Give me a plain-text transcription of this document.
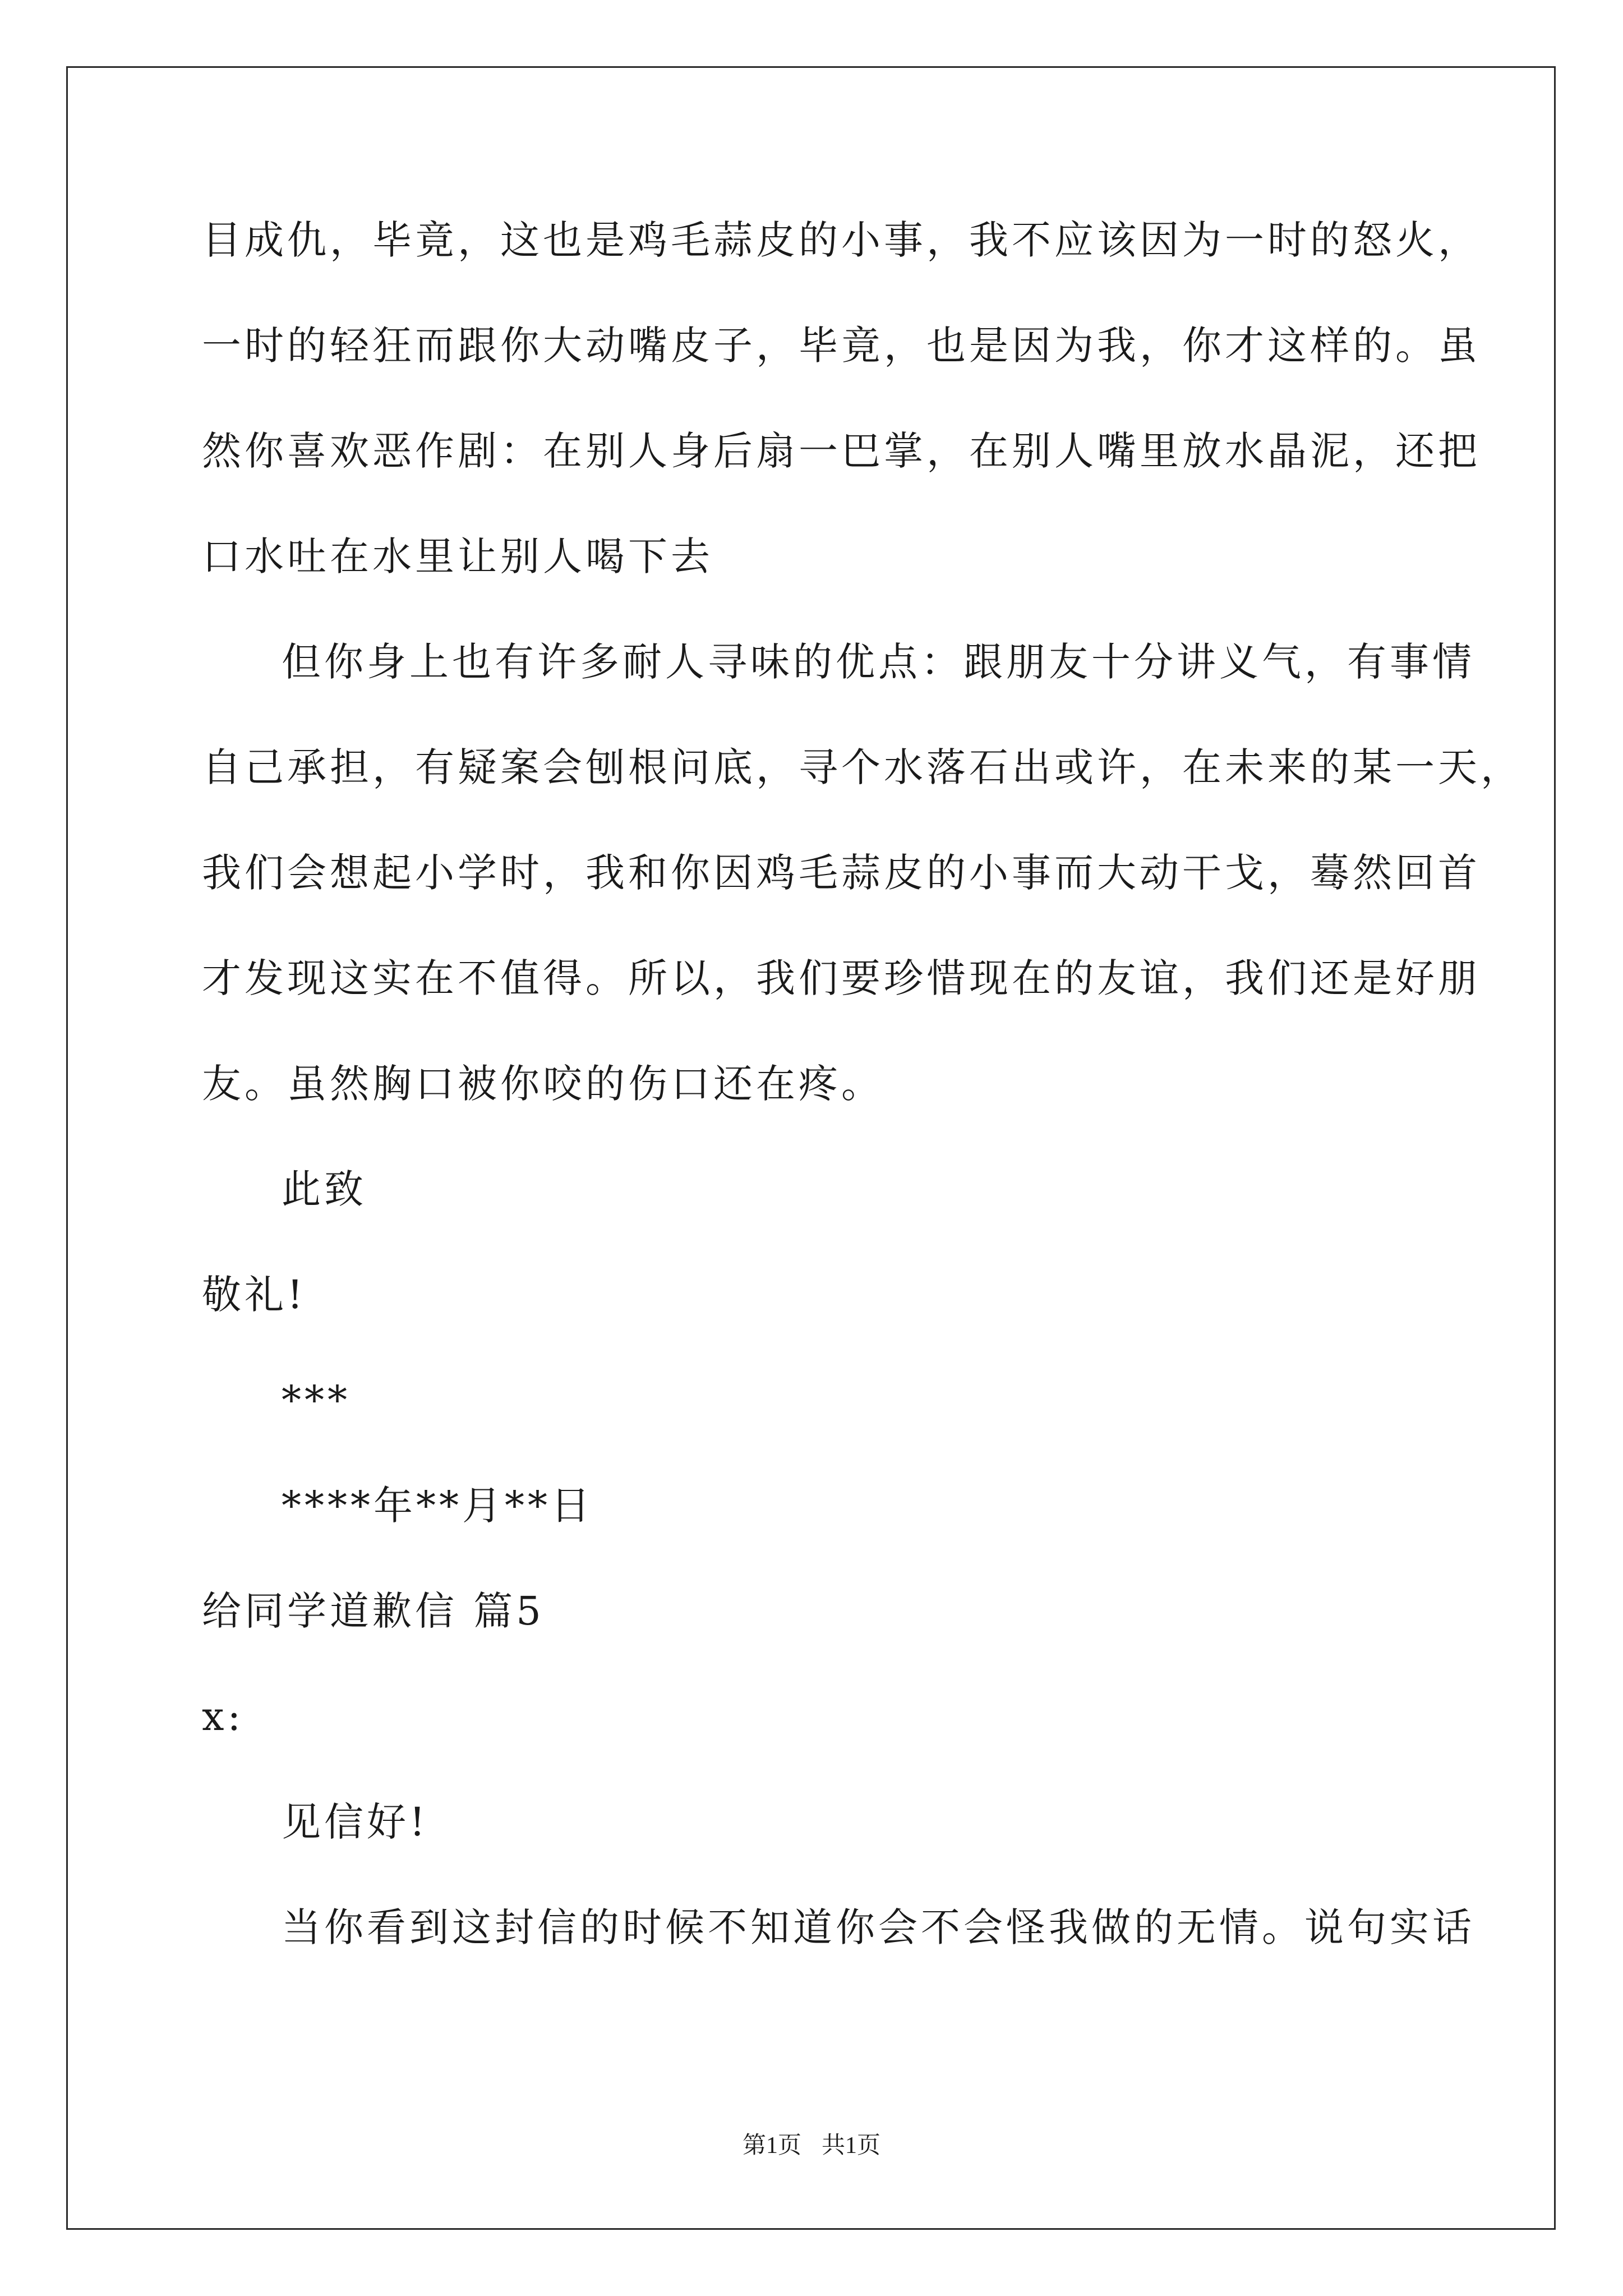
目成仇，毕竟，这也是鸡毛蒜皮的小事，我不应该因为一时的怒火，
一时的轻狂而跟你大动嘴皮子，毕竟，也是因为我，你才这样的。虽
然你喜欢恶作剧：在别人身后扇一巴掌，在别人嘴里放水晶泥，还把
口水吐在水里让别人喝下去
但你身上也有许多耐人寻味的优点：跟朋友十分讲义气，有事情
自己承担，有疑案会刨根问底，寻个水落石出或许，在未来的某一天，
我们会想起小学时，我和你因鸡毛蒜皮的小事而大动干戈，蓦然回首
才发现这实在不值得。所以，我们要珍惜现在的友谊，我们还是好朋
友。虽然胸口被你咬的伤口还在疼。
此致
敬礼!
***
****年**月**日
给同学道歉信 篇5
x:
见信好!
当你看到这封信的时候不知道你会不会怪我做的无情。说句实话
第1页 共1页
